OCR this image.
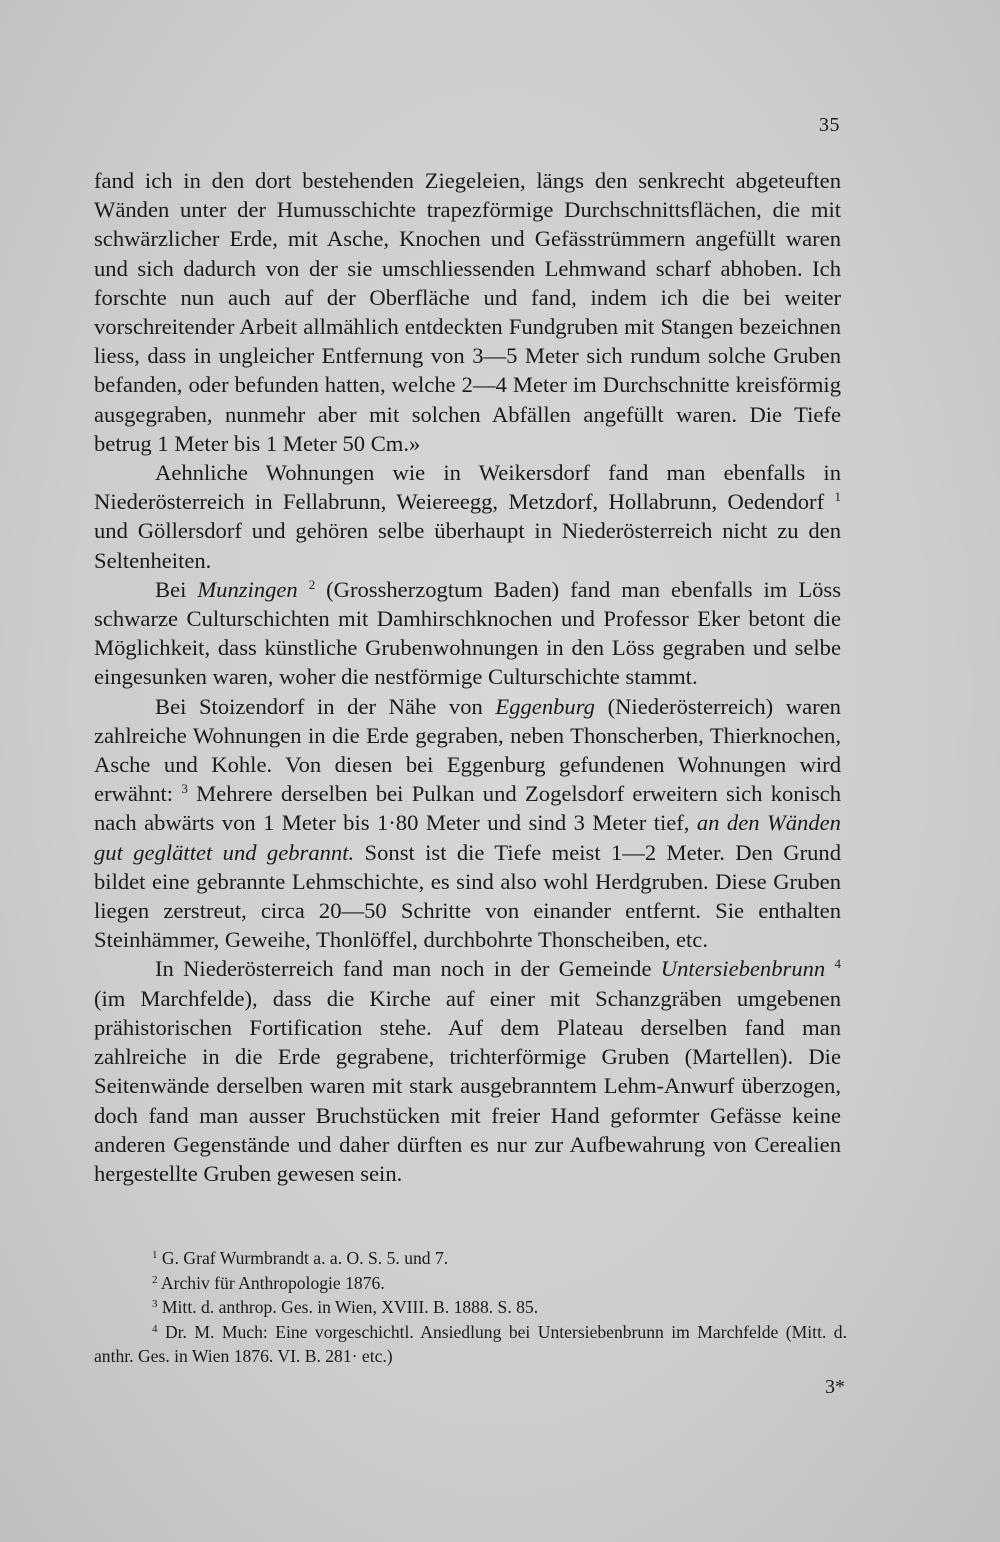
35

fand ich in den dort bestehenden Ziegeleien, längs den senkrecht abgeteuften Wänden unter der Humusschichte trapezförmige Durchschnittsflächen, die mit schwärzlicher Erde, mit Asche, Knochen und Gefässtrümmern angefüllt waren und sich dadurch von der sie umschliessenden Lehmwand scharf abhoben. Ich forschte nun auch auf der Oberfläche und fand, indem ich die bei weiter vorschreitender Arbeit allmählich entdeckten Fundgruben mit Stangen bezeichnen liess, dass in ungleicher Entfernung von 3—5 Meter sich rundum solche Gruben befanden, oder befunden hatten, welche 2—4 Meter im Durchschnitte kreisförmig ausgegraben, nunmehr aber mit solchen Abfällen angefüllt waren. Die Tiefe betrug 1 Meter bis 1 Meter 50 Cm.»

Aehnliche Wohnungen wie in Weikersdorf fand man ebenfalls in Niederösterreich in Fellabrunn, Weiereegg, Metzdorf, Hollabrunn, Oedendorf $^1$ und Göllersdorf und gehören selbe überhaupt in Niederösterreich nicht zu den Seltenheiten.

Bei Munzingen $^2$ (Grossherzogtum Baden) fand man ebenfalls im Löss schwarze Culturschichten mit Damhirschknochen und Professor Eker betont die Möglichkeit, dass künstliche Grubenwohnungen in den Löss gegraben und selbe eingesunken waren, woher die nestförmige Culturschichte stammt.

Bei Stoizendorf in der Nähe von Eggenburg (Niederösterreich) waren zahlreiche Wohnungen in die Erde gegraben, neben Thonscherben, Thierknochen, Asche und Kohle. Von diesen bei Eggenburg gefundenen Wohnungen wird erwähnt: $^3$ Mehrere derselben bei Pulkan und Zogelsdorf erweitern sich konisch nach abwärts von 1 Meter bis 1·80 Meter und sind 3 Meter tief, an den Wänden gut geglättet und gebrannt. Sonst ist die Tiefe meist 1—2 Meter. Den Grund bildet eine gebrannte Lehmschichte, es sind also wohl Herdgruben. Diese Gruben liegen zerstreut, circa 20—50 Schritte von einander entfernt. Sie enthalten Steinhämmer, Geweihe, Thonlöffel, durchbohrte Thonscheiben, etc.

In Niederösterreich fand man noch in der Gemeinde Untersiebenbrunn $^4$ (im Marchfelde), dass die Kirche auf einer mit Schanzgräben umgebenen prähistorischen Fortification stehe. Auf dem Plateau derselben fand man zahlreiche in die Erde gegrabene, trichterförmige Gruben (Martellen). Die Seitenwände derselben waren mit stark ausgebranntem Lehm-Anwurf überzogen, doch fand man ausser Bruchstücken mit freier Hand geformter Gefässe keine anderen Gegenstände und daher dürften es nur zur Aufbewahrung von Cerealien hergestellte Gruben gewesen sein.

$^1$ G. Graf Wurmbrandt a. a. O. S. 5. und 7.

$^2$ Archiv für Anthropologie 1876.

$^3$ Mitt. d. anthrop. Ges. in Wien, XVIII. B. 1888. S. 85.

$^4$ Dr. M. Much: Eine vorgeschichtl. Ansiedlung bei Untersiebenbrunn im Marchfelde (Mitt. d. anthr. Ges. in Wien 1876. VI. B. 281· etc.)

3*
